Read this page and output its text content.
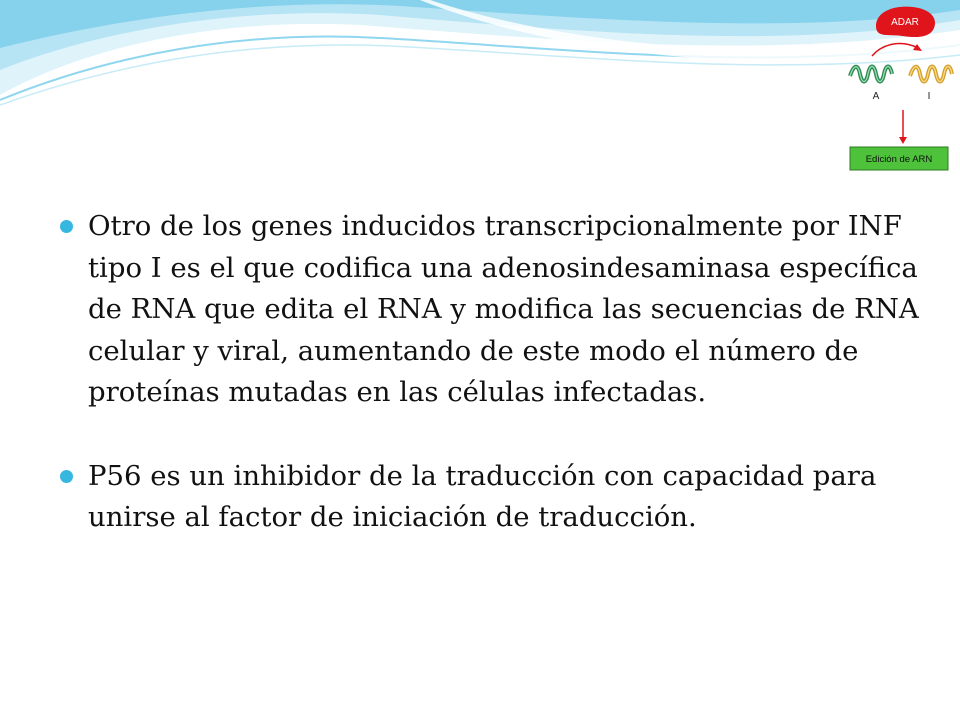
ADAR
A	I
Edición de ARN

Otro de los genes inducidos transcripcionalmente por INF tipo I es el que codifica una adenosindesaminasa específica de RNA que edita el RNA y modifica las secuencias de RNA celular y viral, aumentando de este modo el número de proteínas mutadas en las células infectadas.

P56 es un inhibidor de la traducción con capacidad para unirse al factor de iniciación de traducción.
